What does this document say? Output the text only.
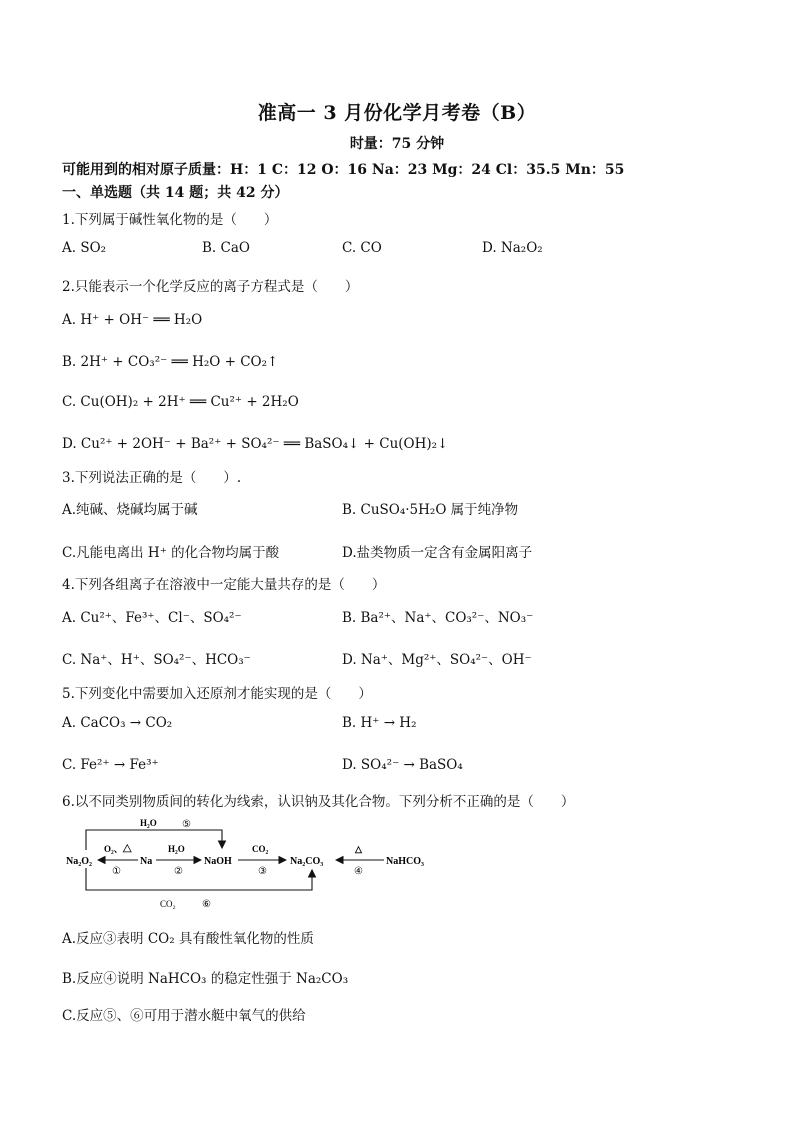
准高一 3 月份化学月考卷（B）
时量：75 分钟
可能用到的相对原子质量：H：1 C：12 O：16 Na：23 Mg：24 Cl：35.5 Mn：55
一、单选题（共 14 题；共 42 分）
1.下列属于碱性氧化物的是（　　）
A. SO₂	B. CaO	C. CO	D. Na₂O₂
2.只能表示一个化学反应的离子方程式是（　　）
A. H⁺ + OH⁻ ══ H₂O
B. 2H⁺ + CO₃²⁻ ══ H₂O + CO₂↑
C. Cu(OH)₂ + 2H⁺ ══ Cu²⁺ + 2H₂O
D. Cu²⁺ + 2OH⁻ + Ba²⁺ + SO₄²⁻ ══ BaSO₄↓ + Cu(OH)₂↓
3.下列说法正确的是（　　）.
A.纯碱、烧碱均属于碱	B. CuSO₄·5H₂O 属于纯净物
C.凡能电离出 H⁺ 的化合物均属于酸	D.盐类物质一定含有金属阳离子
4.下列各组离子在溶液中一定能大量共存的是（　　）
A. Cu²⁺、Fe³⁺、Cl⁻、SO₄²⁻	B. Ba²⁺、Na⁺、CO₃²⁻、NO₃⁻
C. Na⁺、H⁺、SO₄²⁻、HCO₃⁻	D. Na⁺、Mg²⁺、SO₄²⁻、OH⁻
5.下列变化中需要加入还原剂才能实现的是（　　）
A. CaCO₃ → CO₂	B. H⁺ → H₂
C. Fe²⁺ → Fe³⁺	D. SO₄²⁻ → BaSO₄
6.以不同类别物质间的转化为线索，认识钠及其化合物。下列分析不正确的是（　　）
Na₂O₂	Na	NaOH	Na₂CO₃	NaHCO₃
O₂、△
①
H₂O
②
CO₂
③
△
④
H₂O	⑤
CO₂	⑥
A.反应③表明 CO₂ 具有酸性氧化物的性质
B.反应④说明 NaHCO₃ 的稳定性强于 Na₂CO₃
C.反应⑤、⑥可用于潜水艇中氧气的供给
